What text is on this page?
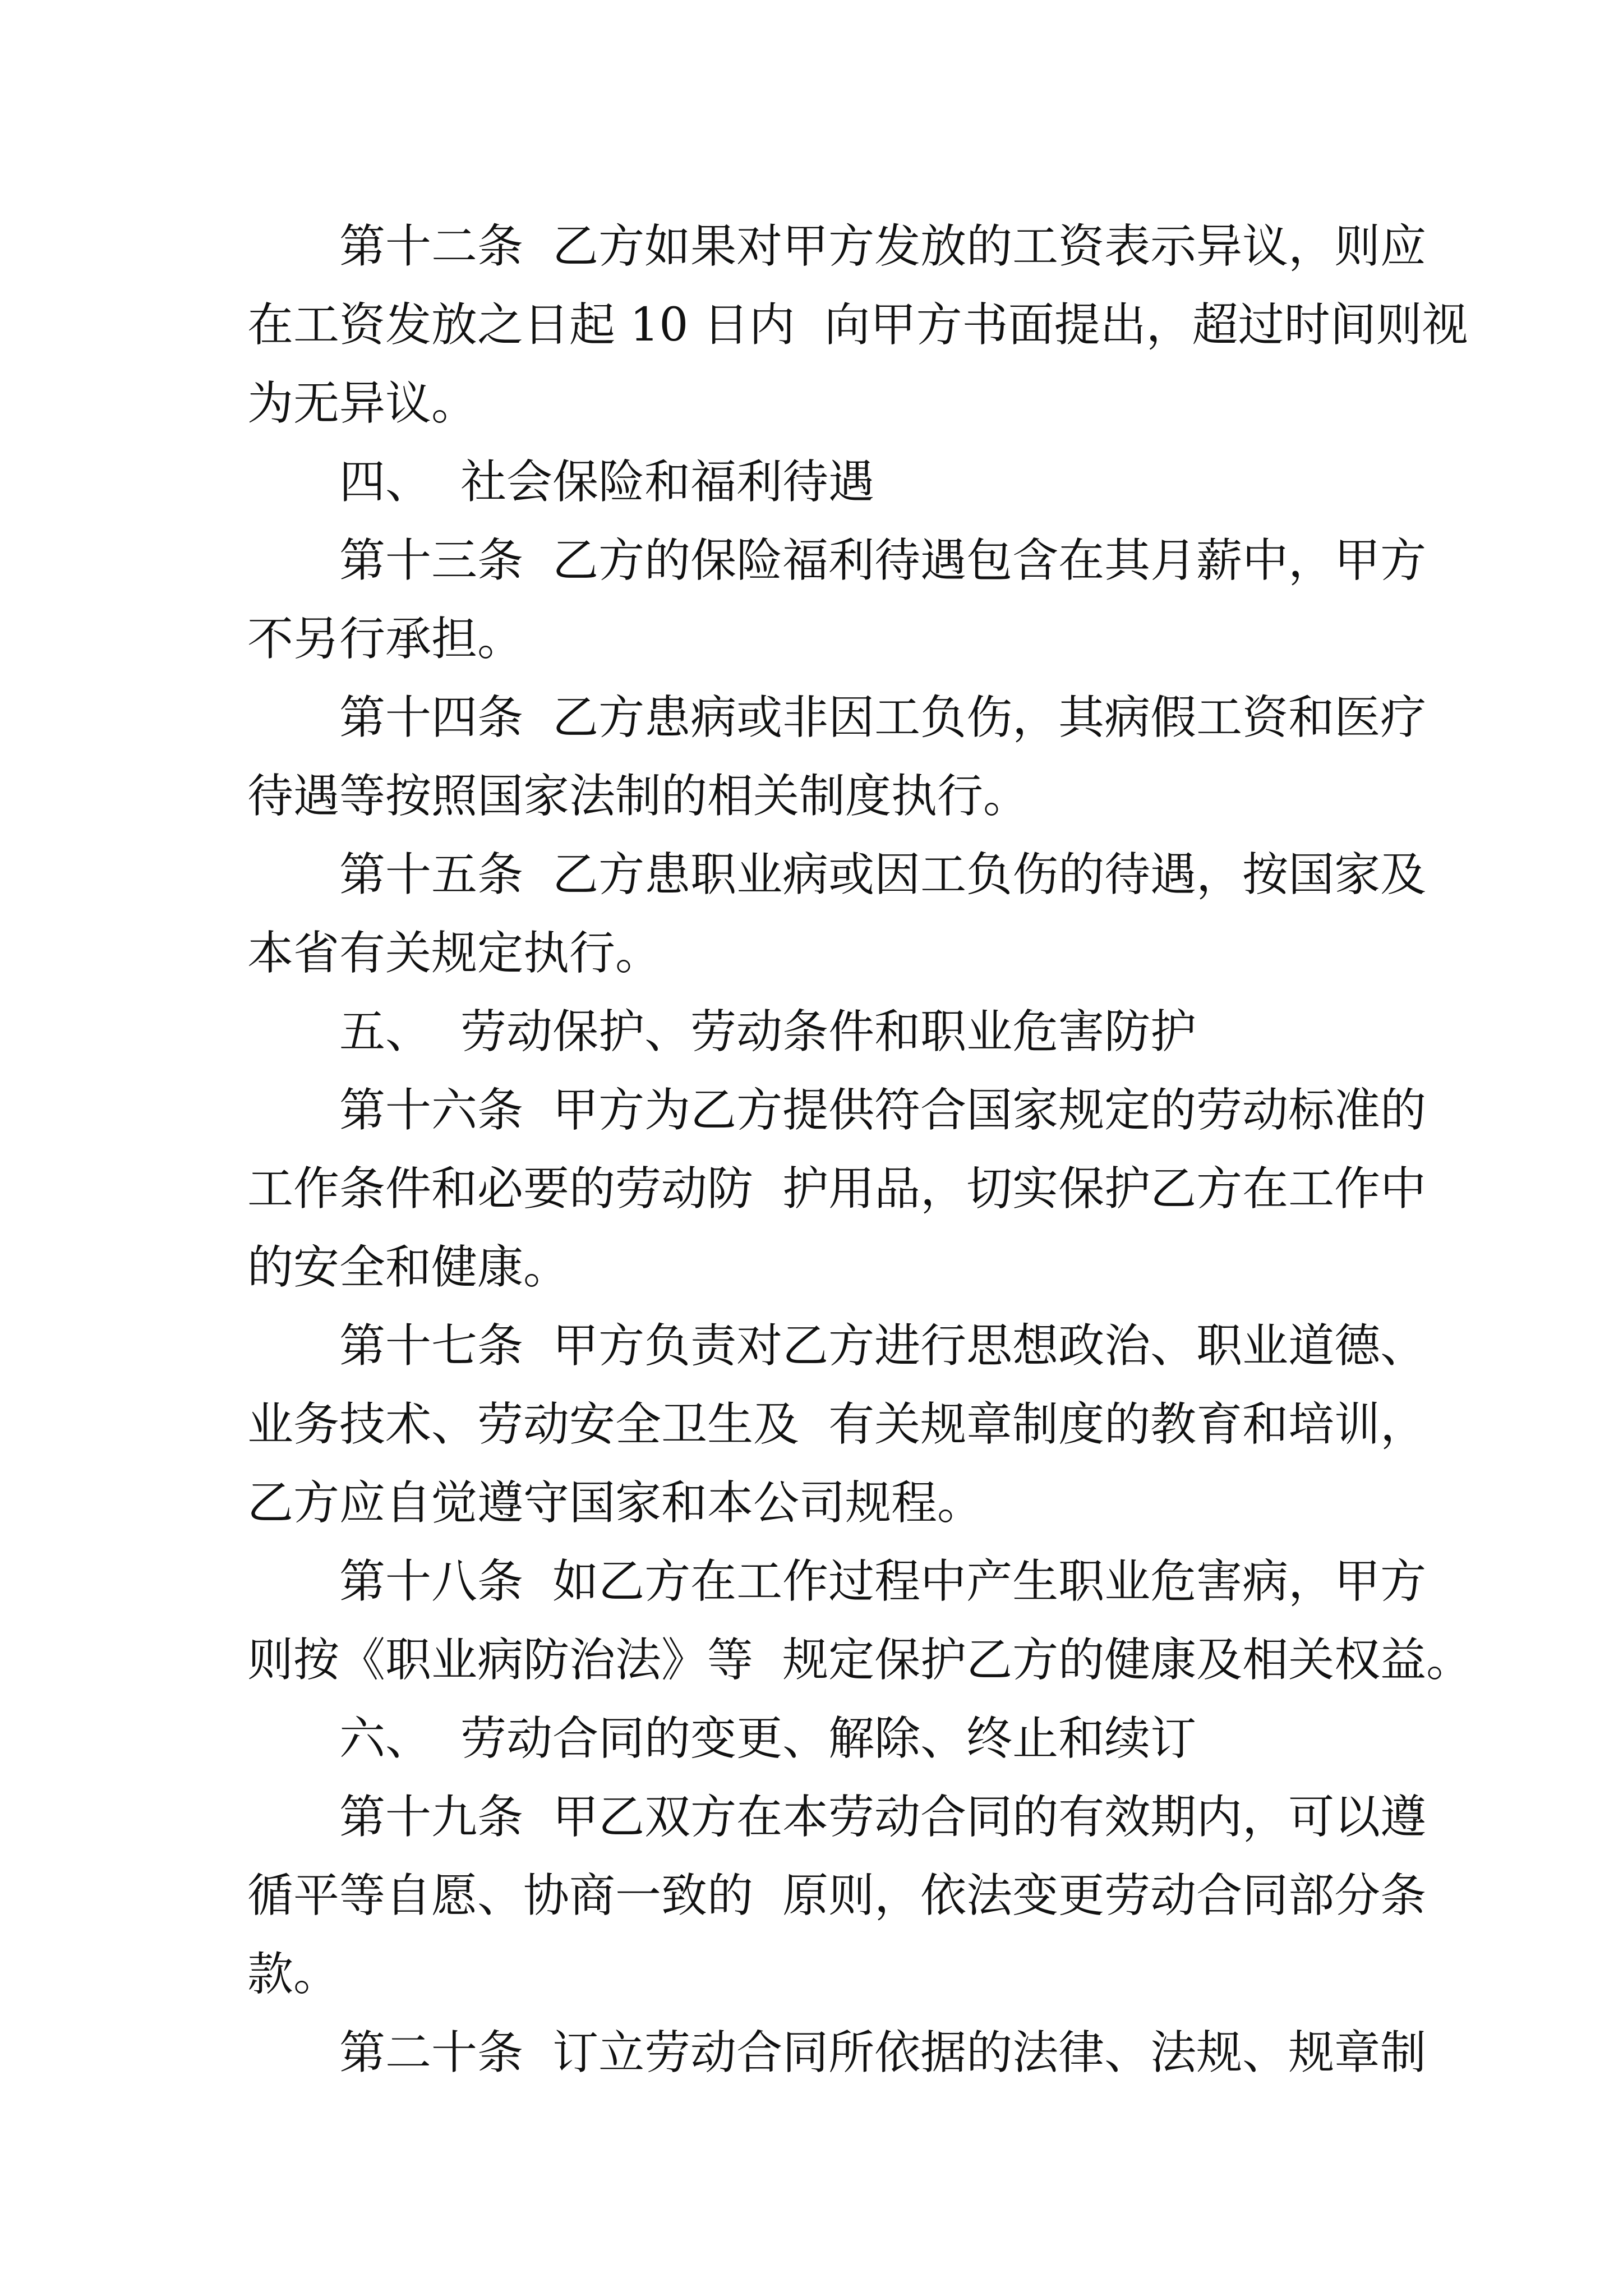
第十二条  乙方如果对甲方发放的工资表示异议，则应
在工资发放之日起 10 日内  向甲方书面提出，超过时间则视
为无异议。
四、  社会保险和福利待遇
第十三条  乙方的保险福利待遇包含在其月薪中，甲方
不另行承担。
第十四条  乙方患病或非因工负伤，其病假工资和医疗
待遇等按照国家法制的相关制度执行。
第十五条  乙方患职业病或因工负伤的待遇，按国家及
本省有关规定执行。
五、  劳动保护、劳动条件和职业危害防护
第十六条  甲方为乙方提供符合国家规定的劳动标准的
工作条件和必要的劳动防  护用品，切实保护乙方在工作中
的安全和健康。
第十七条  甲方负责对乙方进行思想政治、职业道德、
业务技术、劳动安全卫生及  有关规章制度的教育和培训，
乙方应自觉遵守国家和本公司规程。
第十八条  如乙方在工作过程中产生职业危害病，甲方
则按《职业病防治法》等  规定保护乙方的健康及相关权益。
六、  劳动合同的变更、解除、终止和续订
第十九条  甲乙双方在本劳动合同的有效期内，可以遵
循平等自愿、协商一致的  原则，依法变更劳动合同部分条
款。
第二十条  订立劳动合同所依据的法律、法规、规章制
